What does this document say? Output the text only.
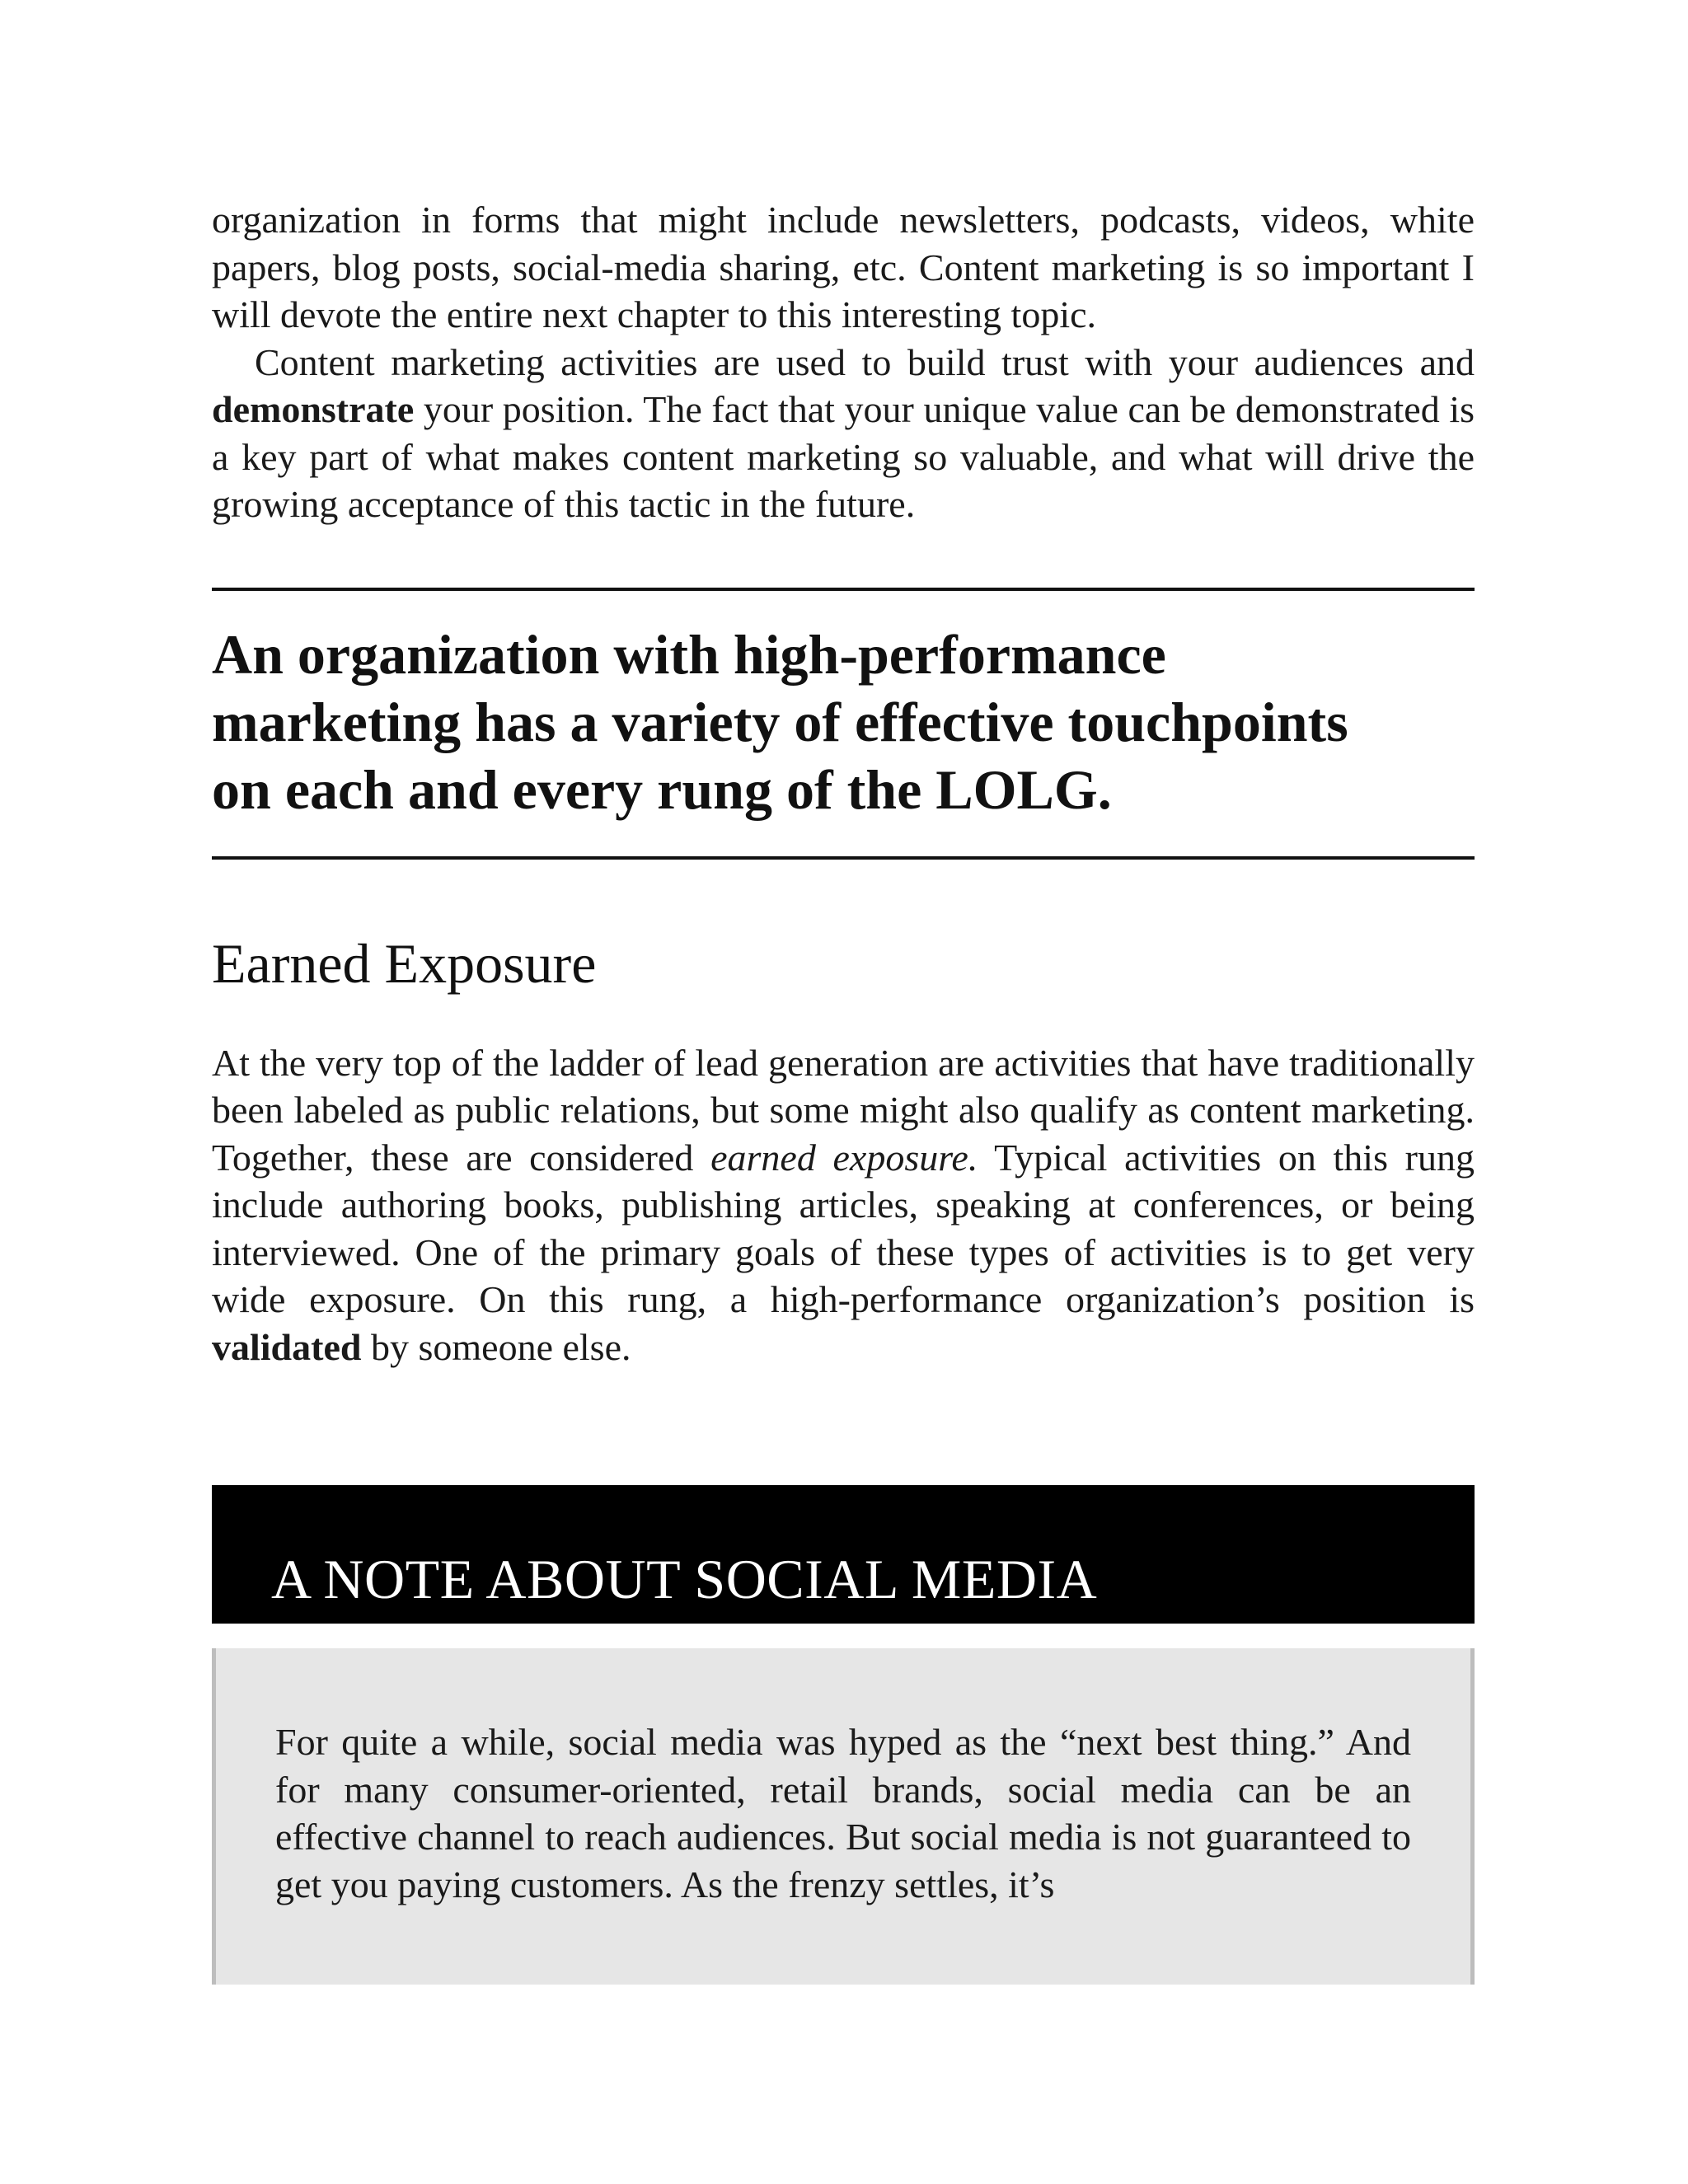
organization in forms that might include newsletters, podcasts, videos, white papers, blog posts, social-media sharing, etc. Content marketing is so important I will devote the entire next chapter to this interesting topic.

Content marketing activities are used to build trust with your audiences and demonstrate your position. The fact that your unique value can be demonstrated is a key part of what makes content marketing so valuable, and what will drive the growing acceptance of this tactic in the future.

An organization with high-performance marketing has a variety of effective touchpoints on each and every rung of the LOLG.

Earned Exposure

At the very top of the ladder of lead generation are activities that have traditionally been labeled as public relations, but some might also qualify as content marketing. Together, these are considered earned exposure. Typical activities on this rung include authoring books, publishing articles, speaking at conferences, or being interviewed. One of the primary goals of these types of activities is to get very wide exposure. On this rung, a high-performance organization’s position is validated by someone else.

A NOTE ABOUT SOCIAL MEDIA

For quite a while, social media was hyped as the “next best thing.” And for many consumer-oriented, retail brands, social media can be an effective channel to reach audiences. But social media is not guaranteed to get you paying customers. As the frenzy settles, it’s
